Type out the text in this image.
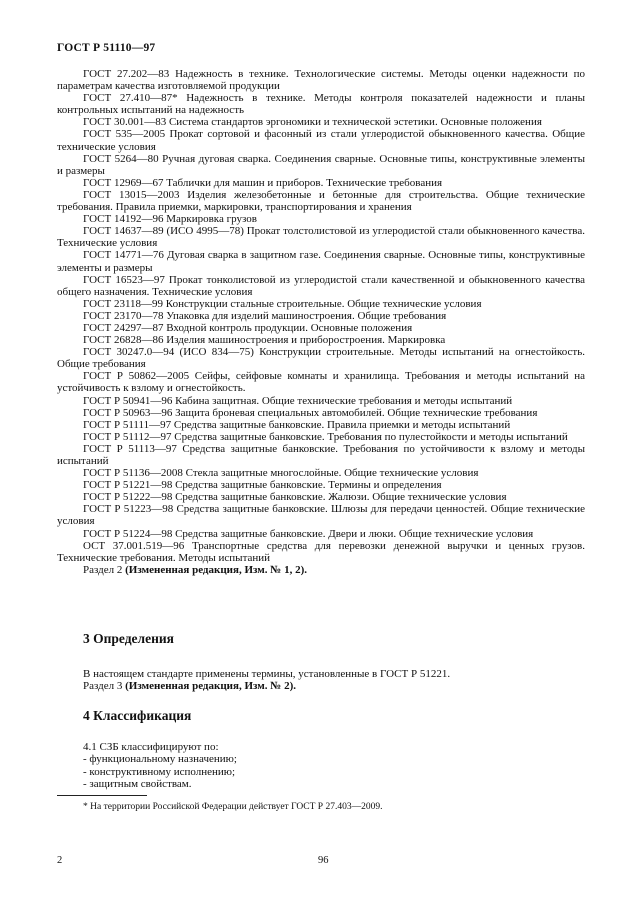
ГОСТ Р 51110—97

ГОСТ 27.202—83 Надежность в технике. Технологические системы. Методы оценки надежности по параметрам качества изготовляемой продукции

ГОСТ 27.410—87* Надежность в технике. Методы контроля показателей надежности и планы контрольных испытаний на надежность

ГОСТ 30.001—83 Система стандартов эргономики и технической эстетики. Основные положения

ГОСТ 535—2005 Прокат сортовой и фасонный из стали углеродистой обыкновенного качества. Общие технические условия

ГОСТ 5264—80 Ручная дуговая сварка. Соединения сварные. Основные типы, конструктивные элементы и размеры

ГОСТ 12969—67 Таблички для машин и приборов. Технические требования

ГОСТ 13015—2003 Изделия железобетонные и бетонные для строительства. Общие технические требования. Правила приемки, маркировки, транспортирования и хранения

ГОСТ 14192—96 Маркировка грузов

ГОСТ 14637—89 (ИСО 4995—78) Прокат толстолистовой из углеродистой стали обыкновенного качества. Технические условия

ГОСТ 14771—76 Дуговая сварка в защитном газе. Соединения сварные. Основные типы, конструктивные элементы и размеры

ГОСТ 16523—97 Прокат тонколистовой из углеродистой стали качественной и обыкновенного качества общего назначения. Технические условия

ГОСТ 23118—99 Конструкции стальные строительные. Общие технические условия

ГОСТ 23170—78 Упаковка для изделий машиностроения. Общие требования

ГОСТ 24297—87 Входной контроль продукции. Основные положения

ГОСТ 26828—86 Изделия машиностроения и приборостроения. Маркировка

ГОСТ 30247.0—94 (ИСО 834—75) Конструкции строительные. Методы испытаний на огнестойкость. Общие требования

ГОСТ Р 50862—2005 Сейфы, сейфовые комнаты и хранилища. Требования и методы испытаний на устойчивость к взлому и огнестойкость.

ГОСТ Р 50941—96 Кабина защитная. Общие технические требования и методы испытаний

ГОСТ Р 50963—96 Защита броневая специальных автомобилей. Общие технические требования

ГОСТ Р 51111—97 Средства защитные банковские. Правила приемки и методы испытаний

ГОСТ Р 51112—97 Средства защитные банковские. Требования по пулестойкости и методы испытаний

ГОСТ Р 51113—97 Средства защитные банковские. Требования по устойчивости к взлому и методы испытаний

ГОСТ Р 51136—2008 Стекла защитные многослойные. Общие технические условия

ГОСТ Р 51221—98 Средства защитные банковские. Термины и определения

ГОСТ Р 51222—98 Средства защитные банковские. Жалюзи. Общие технические условия

ГОСТ Р 51223—98 Средства защитные банковские. Шлюзы для передачи ценностей. Общие технические условия

ГОСТ Р 51224—98 Средства защитные банковские. Двери и люки. Общие технические условия

ОСТ 37.001.519—96 Транспортные средства для перевозки денежной выручки и ценных грузов. Технические требования. Методы испытаний

Раздел 2 (Измененная редакция, Изм. № 1, 2).

3 Определения

В настоящем стандарте применены термины, установленные в ГОСТ Р 51221.

Раздел 3 (Измененная редакция, Изм. № 2).

4 Классификация

4.1 СЗБ классифицируют по:

- функциональному назначению;

- конструктивному исполнению;

- защитным свойствам.

* На территории Российской Федерации действует ГОСТ Р 27.403—2009.
2	96
